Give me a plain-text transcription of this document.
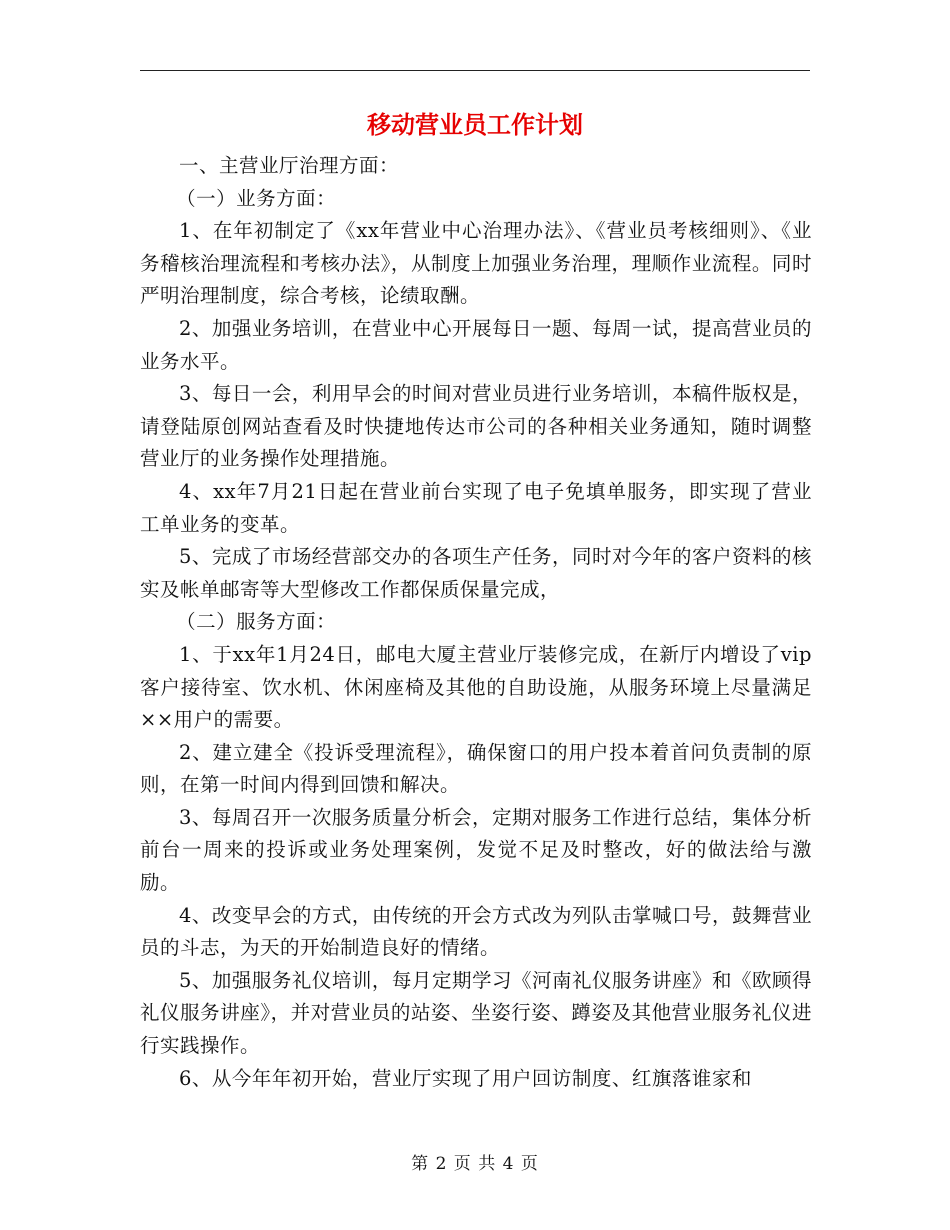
移动营业员工作计划

一、主营业厅治理方面：

（一）业务方面：

1、在年初制定了《xx年营业中心治理办法》、《营业员考核细则》、《业务稽核治理流程和考核办法》，从制度上加强业务治理，理顺作业流程。同时严明治理制度，综合考核，论绩取酬。

2、加强业务培训，在营业中心开展每日一题、每周一试，提高营业员的业务水平。

3、每日一会，利用早会的时间对营业员进行业务培训，本稿件版权是，请登陆原创网站查看及时快捷地传达市公司的各种相关业务通知，随时调整营业厅的业务操作处理措施。

4、xx年7月21日起在营业前台实现了电子免填单服务，即实现了营业工单业务的变革。

5、完成了市场经营部交办的各项生产任务，同时对今年的客户资料的核实及帐单邮寄等大型修改工作都保质保量完成，

（二）服务方面：

1、于xx年1月24日，邮电大厦主营业厅装修完成，在新厅内增设了vip客户接待室、饮水机、休闲座椅及其他的自助设施，从服务环境上尽量满足××用户的需要。

2、建立建全《投诉受理流程》，确保窗口的用户投本着首问负责制的原则，在第一时间内得到回馈和解决。

3、每周召开一次服务质量分析会，定期对服务工作进行总结，集体分析前台一周来的投诉或业务处理案例，发觉不足及时整改，好的做法给与激励。

4、改变早会的方式，由传统的开会方式改为列队击掌喊口号，鼓舞营业员的斗志，为天的开始制造良好的情绪。

5、加强服务礼仪培训，每月定期学习《河南礼仪服务讲座》和《欧顾得礼仪服务讲座》，并对营业员的站姿、坐姿行姿、蹲姿及其他营业服务礼仪进行实践操作。

6、从今年年初开始，营业厅实现了用户回访制度、红旗落谁家和

第 2 页 共 4 页
